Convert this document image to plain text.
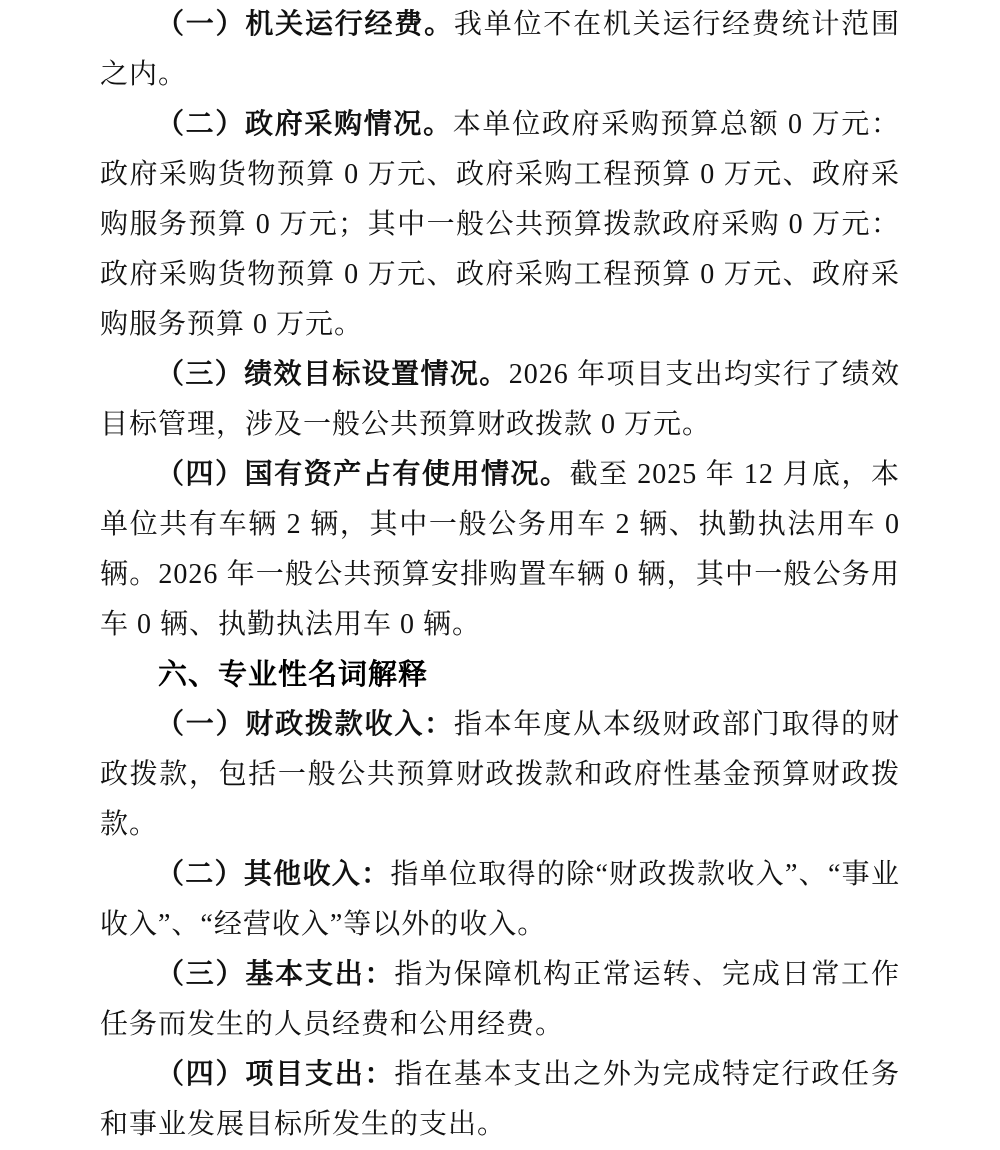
（一）机关运行经费。我单位不在机关运行经费统计范围之内。

（二）政府采购情况。本单位政府采购预算总额 0 万元：政府采购货物预算 0 万元、政府采购工程预算 0 万元、政府采购服务预算 0 万元；其中一般公共预算拨款政府采购 0 万元：政府采购货物预算 0 万元、政府采购工程预算 0 万元、政府采购服务预算 0 万元。

（三）绩效目标设置情况。2026 年项目支出均实行了绩效目标管理，涉及一般公共预算财政拨款 0 万元。

（四）国有资产占有使用情况。截至 2025 年 12 月底，本单位共有车辆 2 辆，其中一般公务用车 2 辆、执勤执法用车 0 辆。2026 年一般公共预算安排购置车辆 0 辆，其中一般公务用车 0 辆、执勤执法用车 0 辆。

六、专业性名词解释

（一）财政拨款收入：指本年度从本级财政部门取得的财政拨款，包括一般公共预算财政拨款和政府性基金预算财政拨款。

（二）其他收入：指单位取得的除“财政拨款收入”、“事业收入”、“经营收入”等以外的收入。

（三）基本支出：指为保障机构正常运转、完成日常工作任务而发生的人员经费和公用经费。

（四）项目支出：指在基本支出之外为完成特定行政任务和事业发展目标所发生的支出。
